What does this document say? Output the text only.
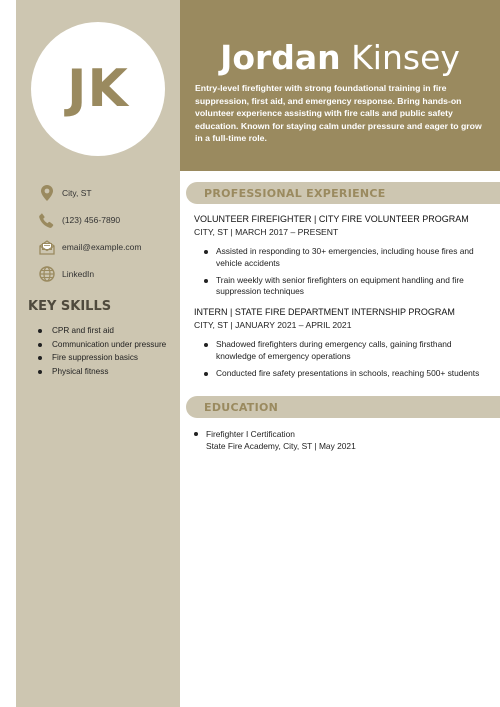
JK
Jordan Kinsey

Entry-level firefighter with strong foundational training in fire suppression, first aid, and emergency response. Bring hands-on volunteer experience assisting with fire calls and public safety education. Known for staying calm under pressure and eager to grow in a full-time role.

City, ST
(123) 456-7890
email@example.com
LinkedIn
KEY SKILLS
CPR and first aid
Communication under pressure
Fire suppression basics
Physical fitness
PROFESSIONAL EXPERIENCE
VOLUNTEER FIREFIGHTER | CITY FIRE VOLUNTEER PROGRAM
CITY, ST | MARCH 2017 – PRESENT
Assisted in responding to 30+ emergencies, including house fires and vehicle accidents
Train weekly with senior firefighters on equipment handling and fire suppression techniques
INTERN | STATE FIRE DEPARTMENT INTERNSHIP PROGRAM
CITY, ST | JANUARY 2021 – APRIL 2021
Shadowed firefighters during emergency calls, gaining firsthand knowledge of emergency operations
Conducted fire safety presentations in schools, reaching 500+ students
EDUCATION
Firefighter I Certification
State Fire Academy, City, ST | May 2021
